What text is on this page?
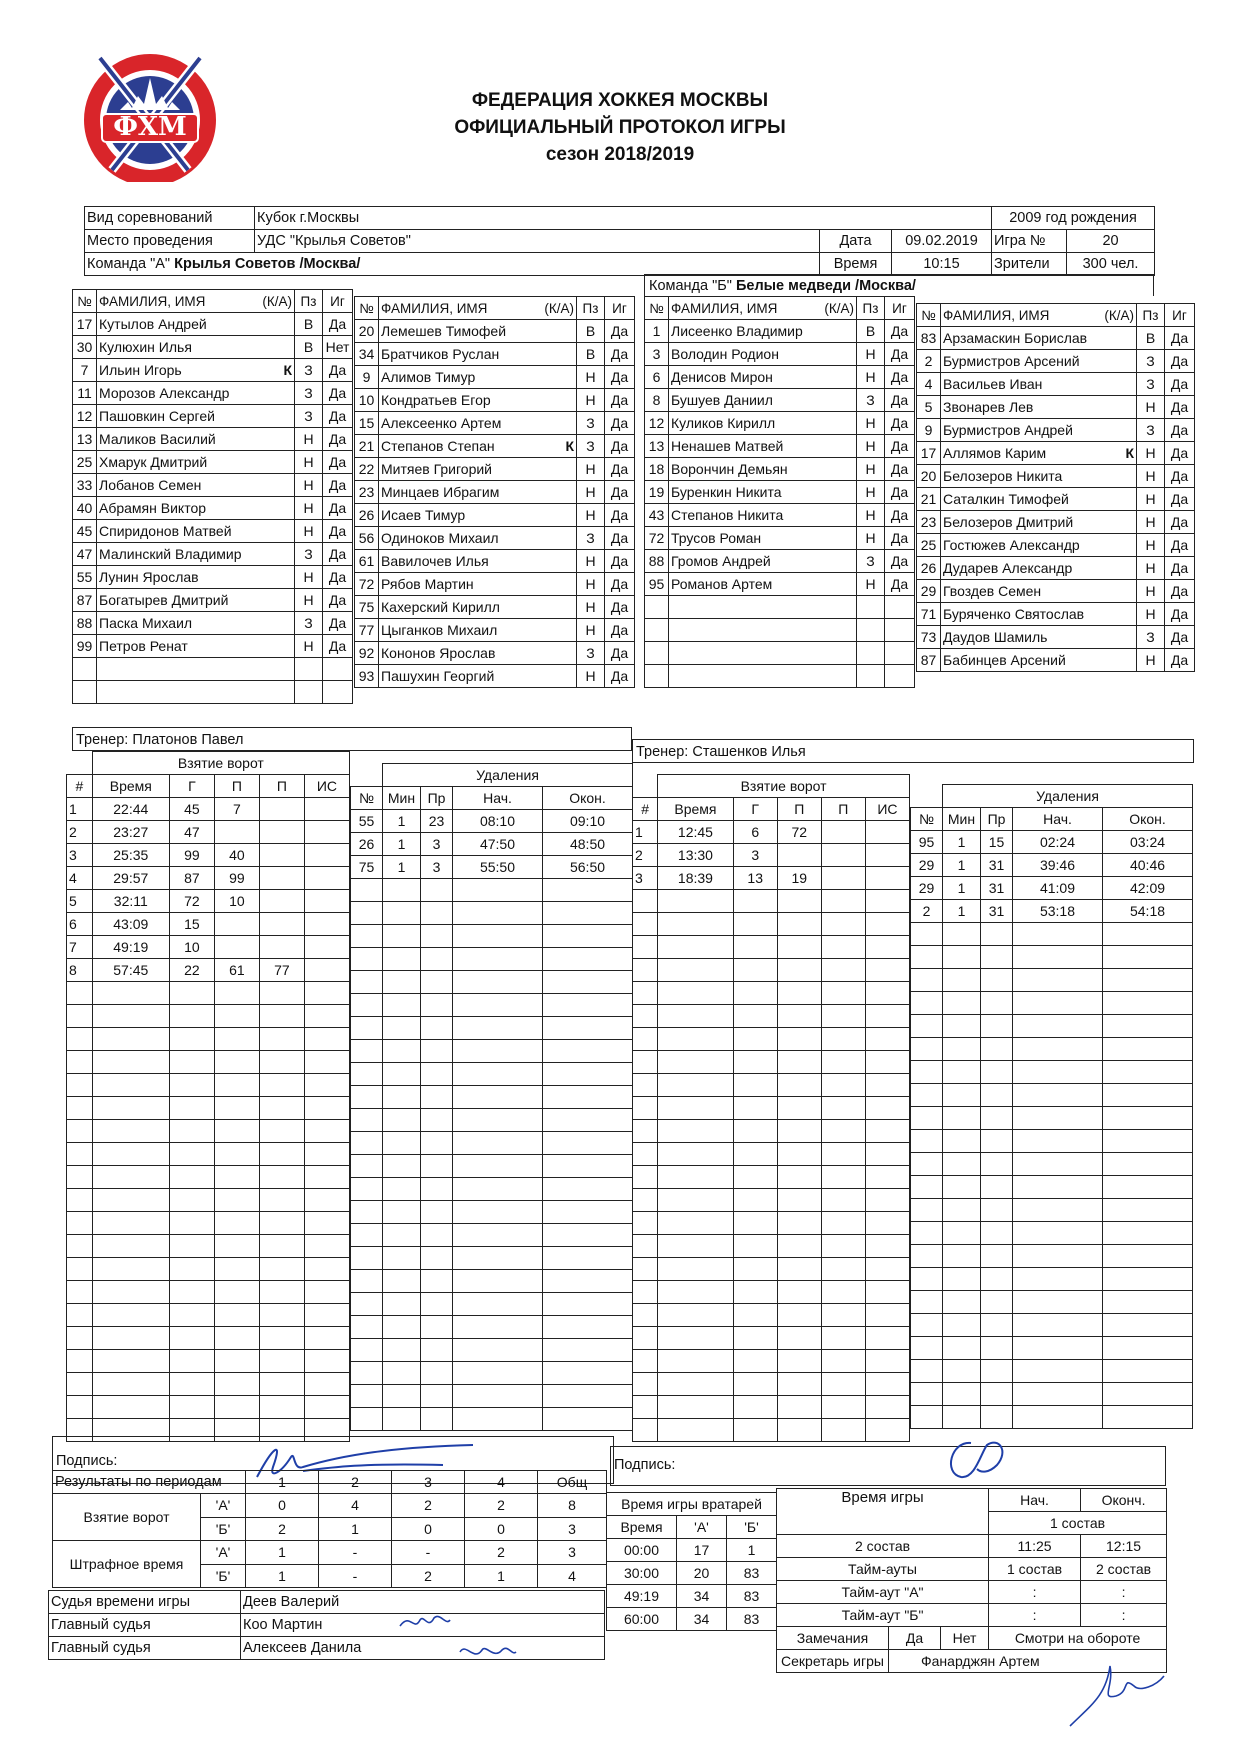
ФХМ
ФЕДЕРАЦИЯ ХОККЕЯ МОСКВЫ
ОФИЦИАЛЬНЫЙ ПРОТОКОЛ ИГРЫ
сезон 2018/2019
Вид соревнований	Кубок г.Москвы			2009 год рождения	
Место проведения	УДС "Крылья Советов"	Дата	09.02.2019	Игра №	20
Команда "А" Крылья Советов /Москва/		Время	10:15	Зрители	300 чел.
Команда "Б" Белые медведи /Москва/
№	ФАМИЛИЯ, ИМЯ (К/А)	Пз	Иг
17	Кутылов Андрей	В	Да
30	Кулюхин Илья	В	Нет
7	Ильин Игорь К	З	Да
11	Морозов Александр	З	Да
12	Пашовкин Сергей	З	Да
13	Маликов Василий	Н	Да
25	Хмарук Дмитрий	Н	Да
33	Лобанов Семен	Н	Да
40	Абрамян Виктор	Н	Да
45	Спиридонов Матвей	Н	Да
47	Малинский Владимир	З	Да
55	Лунин Ярослав	Н	Да
87	Богатырев Дмитрий	Н	Да
88	Паска Михаил	З	Да
99	Петров Ренат	Н	Да

№	ФАМИЛИЯ, ИМЯ (К/А)	Пз	Иг
20	Лемешев Тимофей	В	Да
34	Братчиков Руслан	В	Да
9	Алимов Тимур	Н	Да
10	Кондратьев Егор	Н	Да
15	Алексеенко Артем	З	Да
21	Степанов Степан К	З	Да
22	Митяев Григорий	Н	Да
23	Минцаев Ибрагим	Н	Да
26	Исаев Тимур	Н	Да
56	Одиноков Михаил	З	Да
61	Вавилочев Илья	Н	Да
72	Рябов Мартин	Н	Да
75	Кахерский Кирилл	Н	Да
77	Цыганков Михаил	Н	Да
92	Кононов Ярослав	З	Да
93	Пашухин Георгий	Н	Да
№	ФАМИЛИЯ, ИМЯ (К/А)	Пз	Иг
1	Лисеенко Владимир	В	Да
3	Володин Родион	Н	Да
6	Денисов Мирон	Н	Да
8	Бушуев Даниил	З	Да
12	Куликов Кирилл	Н	Да
13	Ненашев Матвей	Н	Да
18	Ворончин Демьян	Н	Да
19	Буренкин Никита	Н	Да
43	Степанов Никита	Н	Да
72	Трусов Роман	Н	Да
88	Громов Андрей	З	Да
95	Романов Артем	Н	Да

№	ФАМИЛИЯ, ИМЯ (К/А)	Пз	Иг
83	Арзамаскин Борислав	В	Да
2	Бурмистров Арсений	З	Да
4	Васильев Иван	З	Да
5	Звонарев Лев	Н	Да
9	Бурмистров Андрей	З	Да
17	Аллямов Карим К	Н	Да
20	Белозеров Никита	Н	Да
21	Саталкин Тимофей	Н	Да
23	Белозеров Дмитрий	Н	Да
25	Гостюжев Александр	Н	Да
26	Дударев Александр	Н	Да
29	Гвоздев Семен	Н	Да
71	Буряченко Святослав	Н	Да
73	Даудов Шамиль	З	Да
87	Бабинцев Арсений	Н	Да
Тренер: Платонов Павел
Тренер: Сташенков Илья
	Взятие ворот				
#	Время	Г	П	П	ИС
1	22:44	45	7		
2	23:27	47			
3	25:35	99	40		
4	29:57	87	99		
5	32:11	72	10		
6	43:09	15			
7	49:19	10			
8	57:45	22	61	77	

	Удаления			
№	Мин	Пр	Нач.	Окон.
55	1	23	08:10	09:10
26	1	3	47:50	48:50
75	1	3	55:50	56:50

	Взятие ворот				
#	Время	Г	П	П	ИС
1	12:45	6	72		
2	13:30	3			
3	18:39	13	19		

	Удаления			
№	Мин	Пр	Нач.	Окон.
95	1	15	02:24	03:24
29	1	31	39:46	40:46
29	1	31	41:09	42:09
2	1	31	53:18	54:18

Подпись:	Подпись:
Результаты по периодам		1	2	3	4	Общ
Взятие ворот	'А'	0	4	2	2	8
	'Б'	2	1	0	0	3
Штрафное время	'А'	1	-	-	2	3
	'Б'	1	-	2	1	4
Судья времени игры	Деев Валерий
Главный судья	Коо Мартин
Главный судья	Алексеев Данила
Время игры вратарей		
Время	'А'	'Б'
00:00	17	1
30:00	20	83
49:19	34	83
60:00	34	83
Время игры			Нач.	Оконч.	
			1 состав		
2 состав			11:25	12:15	
Тайм-ауты			1 состав	2 состав	
Тайм-аут "А"			:	:	
Тайм-аут "Б"			:	:	
Замечания	Да	Нет	Смотри на обороте		
Секретарь игры	Фанарджян Артем				
